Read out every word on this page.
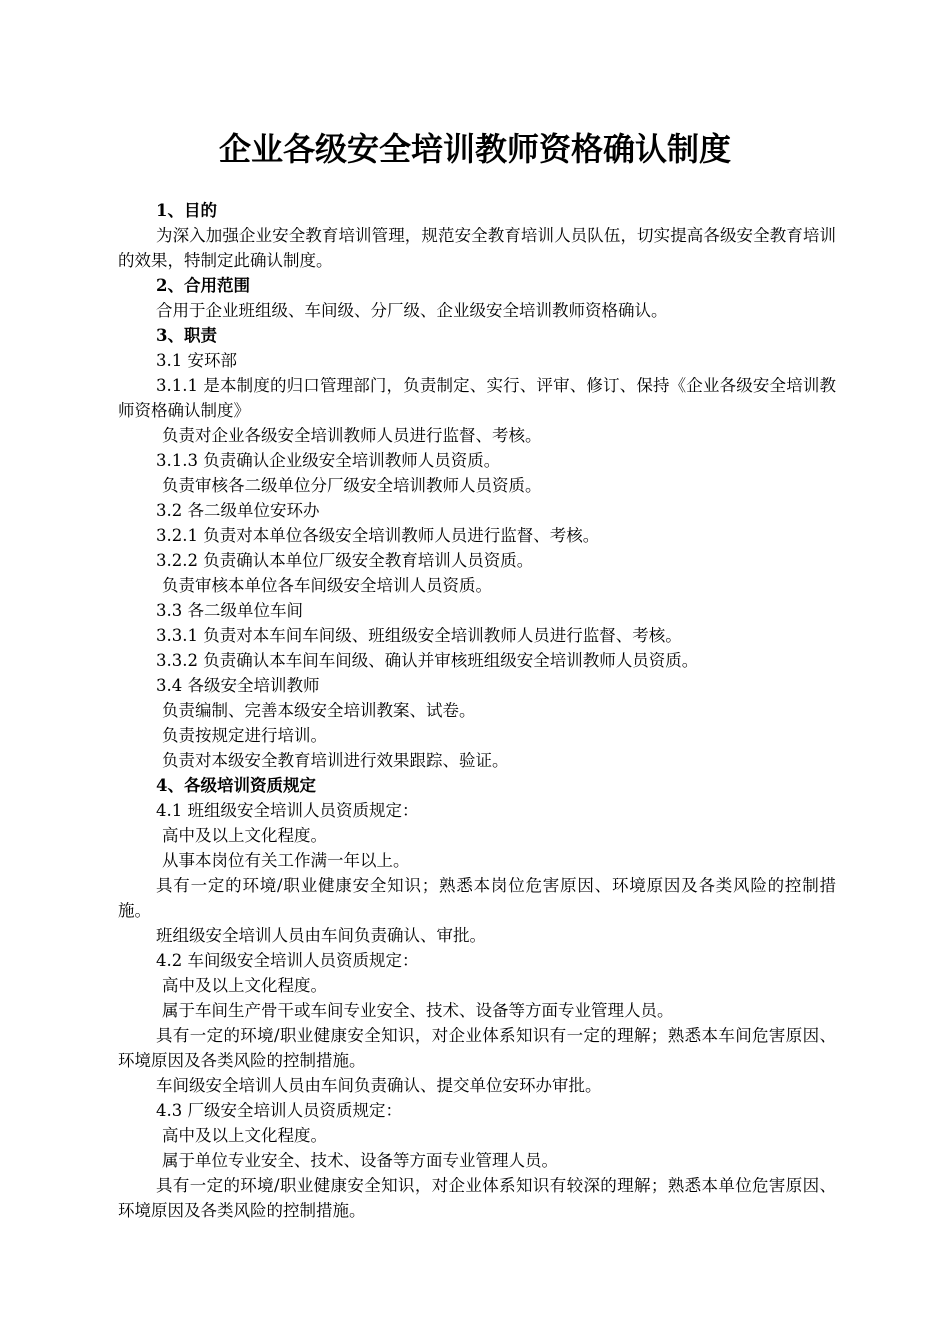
企业各级安全培训教师资格确认制度

1、目的

为深入加强企业安全教育培训管理，规范安全教育培训人员队伍，切实提高各级安全教育培训的效果，特制定此确认制度。

2、合用范围

合用于企业班组级、车间级、分厂级、企业级安全培训教师资格确认。

3、职责

3.1 安环部

3.1.1 是本制度的归口管理部门，负责制定、实行、评审、修订、保持《企业各级安全培训教师资格确认制度》

负责对企业各级安全培训教师人员进行监督、考核。

3.1.3 负责确认企业级安全培训教师人员资质。

负责审核各二级单位分厂级安全培训教师人员资质。

3.2 各二级单位安环办

3.2.1 负责对本单位各级安全培训教师人员进行监督、考核。

3.2.2 负责确认本单位厂级安全教育培训人员资质。

负责审核本单位各车间级安全培训人员资质。

3.3 各二级单位车间

3.3.1 负责对本车间车间级、班组级安全培训教师人员进行监督、考核。

3.3.2 负责确认本车间车间级、确认并审核班组级安全培训教师人员资质。

3.4 各级安全培训教师

负责编制、完善本级安全培训教案、试卷。

负责按规定进行培训。

负责对本级安全教育培训进行效果跟踪、验证。

4、各级培训资质规定

4.1 班组级安全培训人员资质规定：

高中及以上文化程度。

从事本岗位有关工作满一年以上。

具有一定的环境/职业健康安全知识；熟悉本岗位危害原因、环境原因及各类风险的控制措施。

班组级安全培训人员由车间负责确认、审批。

4.2 车间级安全培训人员资质规定：

高中及以上文化程度。

属于车间生产骨干或车间专业安全、技术、设备等方面专业管理人员。

具有一定的环境/职业健康安全知识，对企业体系知识有一定的理解；熟悉本车间危害原因、环境原因及各类风险的控制措施。

车间级安全培训人员由车间负责确认、提交单位安环办审批。

4.3 厂级安全培训人员资质规定：

高中及以上文化程度。

属于单位专业安全、技术、设备等方面专业管理人员。

具有一定的环境/职业健康安全知识，对企业体系知识有较深的理解；熟悉本单位危害原因、环境原因及各类风险的控制措施。
